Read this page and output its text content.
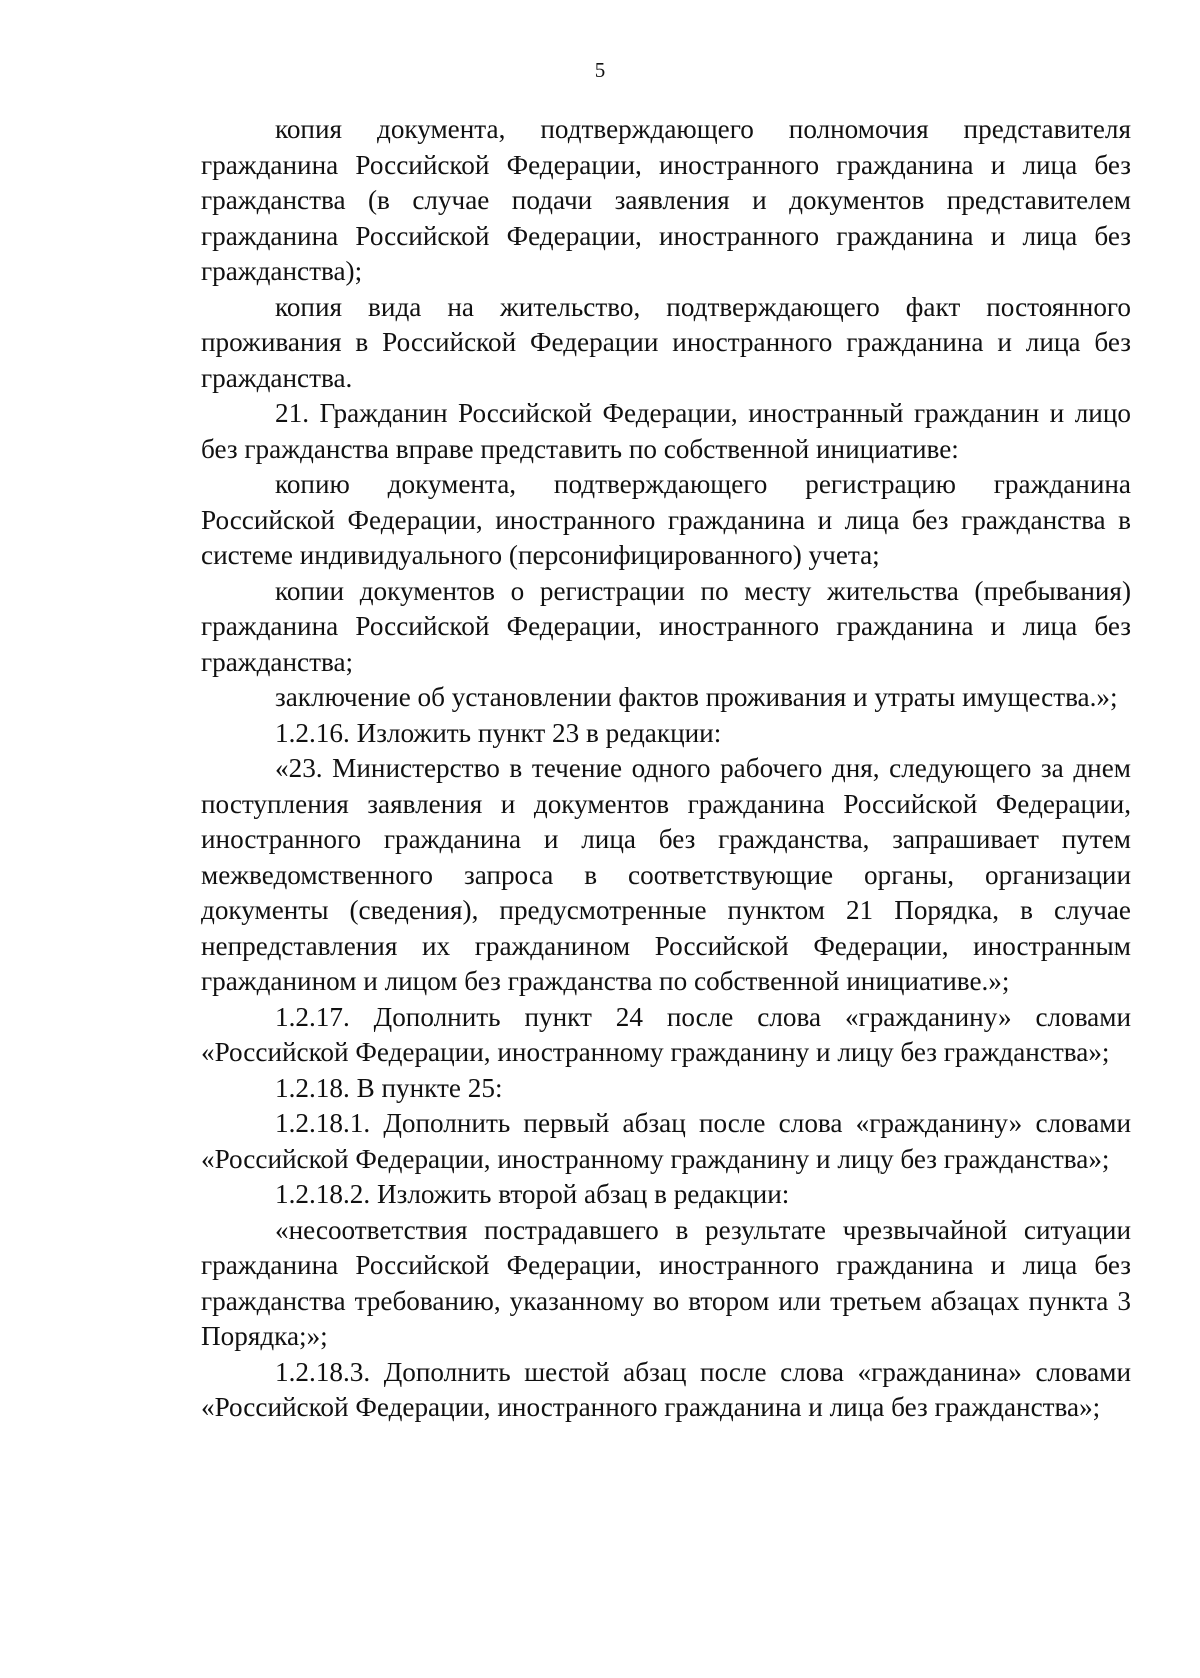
5

копия документа, подтверждающего полномочия представителя гражданина Российской Федерации, иностранного гражданина и лица без гражданства (в случае подачи заявления и документов представителем гражданина Российской Федерации, иностранного гражданина и лица без гражданства);

копия вида на жительство, подтверждающего факт постоянного проживания в Российской Федерации иностранного гражданина и лица без гражданства.

21. Гражданин Российской Федерации, иностранный гражданин и лицо без гражданства вправе представить по собственной инициативе:

копию документа, подтверждающего регистрацию гражданина Российской Федерации, иностранного гражданина и лица без гражданства в системе индивидуального (персонифицированного) учета;

копии документов о регистрации по месту жительства (пребывания) гражданина Российской Федерации, иностранного гражданина и лица без гражданства;

заключение об установлении фактов проживания и утраты имущества.»;

1.2.16. Изложить пункт 23 в редакции:

«23. Министерство в течение одного рабочего дня, следующего за днем поступления заявления и документов гражданина Российской Федерации, иностранного гражданина и лица без гражданства, запрашивает путем межведомственного запроса в соответствующие органы, организации документы (сведения), предусмотренные пунктом 21 Порядка, в случае непредставления их гражданином Российской Федерации, иностранным гражданином и лицом без гражданства по собственной инициативе.»;

1.2.17. Дополнить пункт 24 после слова «гражданину» словами «Российской Федерации, иностранному гражданину и лицу без гражданства»;

1.2.18. В пункте 25:

1.2.18.1. Дополнить первый абзац после слова «гражданину» словами «Российской Федерации, иностранному гражданину и лицу без гражданства»;

1.2.18.2. Изложить второй абзац в редакции:

«несоответствия пострадавшего в результате чрезвычайной ситуации гражданина Российской Федерации, иностранного гражданина и лица без гражданства требованию, указанному во втором или третьем абзацах пункта 3 Порядка;»;

1.2.18.3. Дополнить шестой абзац после слова «гражданина» словами «Российской Федерации, иностранного гражданина и лица без гражданства»;
